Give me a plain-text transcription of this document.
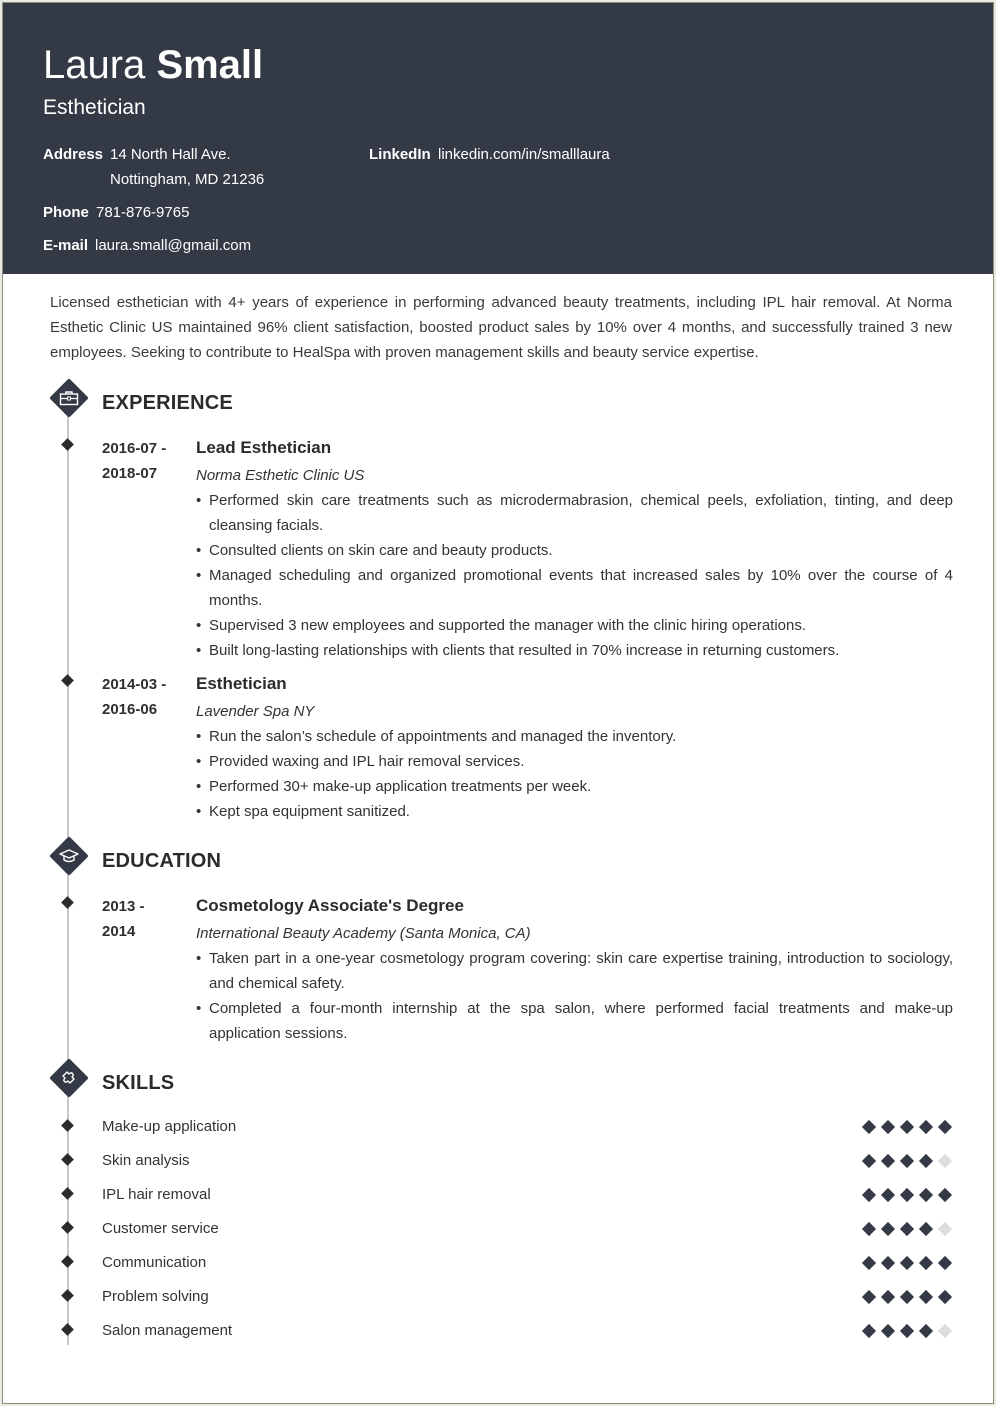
Laura Small
Esthetician
Address 14 North Hall Ave.
Nottingham, MD 21236
LinkedIn linkedin.com/in/smalllaura
Phone 781-876-9765
E-mail laura.small@gmail.com
Licensed esthetician with 4+ years of experience in performing advanced beauty treatments, including IPL hair removal. At Norma Esthetic Clinic US maintained 96% client satisfaction, boosted product sales by 10% over 4 months, and successfully trained 3 new employees. Seeking to contribute to HealSpa with proven management skills and beauty service expertise.
EXPERIENCE
2016-07 -
2018-07
Lead Esthetician
Norma Esthetic Clinic US
• Performed skin care treatments such as microdermabrasion, chemical peels, exfoliation, tinting, and deep cleansing facials.
• Consulted clients on skin care and beauty products.
• Managed scheduling and organized promotional events that increased sales by 10% over the course of 4 months.
• Supervised 3 new employees and supported the manager with the clinic hiring operations.
• Built long-lasting relationships with clients that resulted in 70% increase in returning customers.
2014-03 -
2016-06
Esthetician
Lavender Spa NY
• Run the salon’s schedule of appointments and managed the inventory.
• Provided waxing and IPL hair removal services.
• Performed 30+ make-up application treatments per week.
• Kept spa equipment sanitized.
EDUCATION
2013 -
2014
Cosmetology Associate's Degree
International Beauty Academy (Santa Monica, CA)
• Taken part in a one-year cosmetology program covering: skin care expertise training, introduction to sociology, and chemical safety.
• Completed a four-month internship at the spa salon, where performed facial treatments and make-up application sessions.
SKILLS
Make-up application
Skin analysis
IPL hair removal
Customer service
Communication
Problem solving
Salon management
